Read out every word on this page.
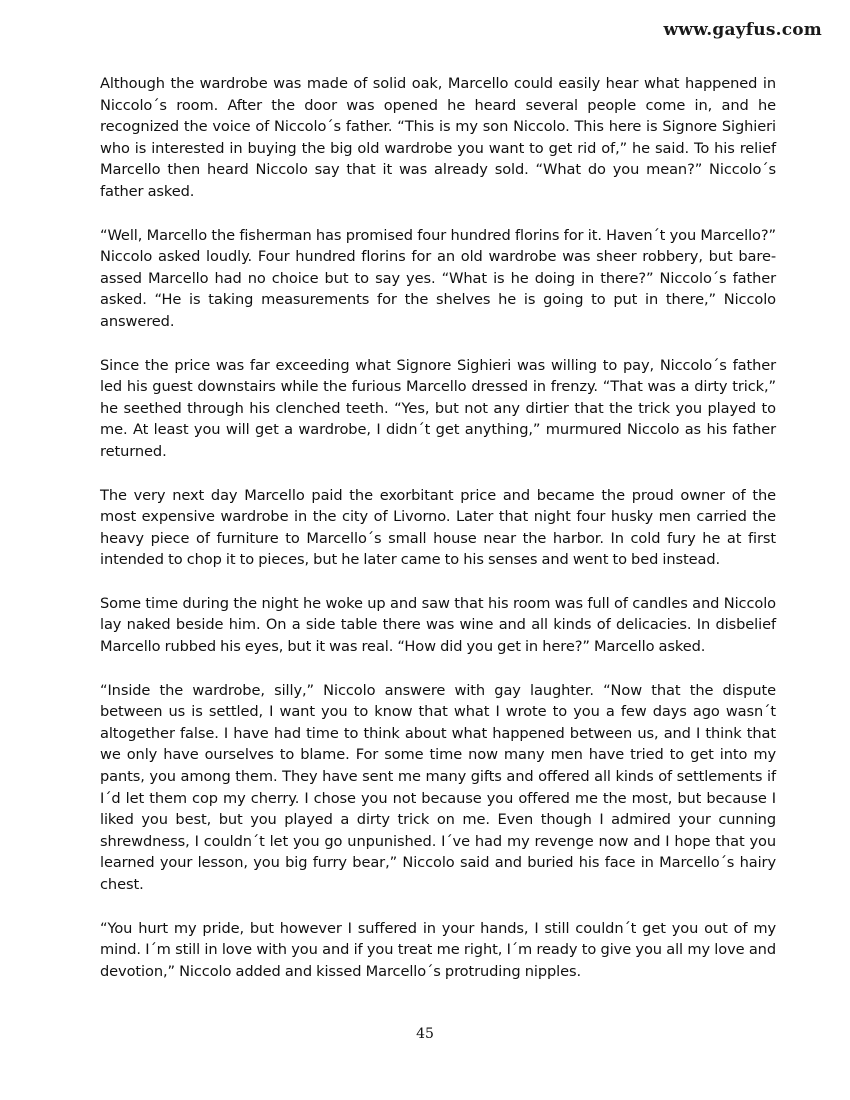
www.gayfus.com

Although the wardrobe was made of solid oak, Marcello could easily hear what happened in Niccolo´s room. After the door was opened he heard several people come in, and he recognized the voice of Niccolo´s father. “This is my son Niccolo. This here is Signore Sighieri who is interested in buying the big old wardrobe you want to get rid of,” he said. To his relief Marcello then heard Niccolo say that it was already sold. “What do you mean?” Niccolo´s father asked.

“Well, Marcello the fisherman has promised four hundred florins for it. Haven´t you Marcello?” Niccolo asked loudly. Four hundred florins for an old wardrobe was sheer robbery, but bare-assed Marcello had no choice but to say yes. “What is he doing in there?” Niccolo´s father asked. “He is taking measurements for the shelves he is going to put in there,” Niccolo answered.

Since the price was far exceeding what Signore Sighieri was willing to pay, Niccolo´s father led his guest downstairs while the furious Marcello dressed in frenzy. “That was a dirty trick,” he seethed through his clenched teeth. “Yes, but not any dirtier that the trick you played to me. At least you will get a wardrobe, I didn´t get anything,” murmured Niccolo as his father returned.

The very next day Marcello paid the exorbitant price and became the proud owner of the most expensive wardrobe in the city of Livorno. Later that night four husky men carried the heavy piece of furniture to Marcello´s small house near the harbor. In cold fury he at first intended to chop it to pieces, but he later came to his senses and went to bed instead.

Some time during the night he woke up and saw that his room was full of candles and Niccolo lay naked beside him. On a side table there was wine and all kinds of delicacies. In disbelief Marcello rubbed his eyes, but it was real. “How did you get in here?” Marcello asked.

“Inside the wardrobe, silly,” Niccolo answere with gay laughter. “Now that the dispute between us is settled, I want you to know that what I wrote to you a few days ago wasn´t altogether false. I have had time to think about what happened between us, and I think that we only have ourselves to blame. For some time now many men have tried to get into my pants, you among them. They have sent me many gifts and offered all kinds of settlements if I´d let them cop my cherry. I chose you not because you offered me the most, but because I liked you best, but you played a dirty trick on me. Even though I admired your cunning shrewdness, I couldn´t let you go unpunished. I´ve had my revenge now and I hope that you learned your lesson, you big furry bear,” Niccolo said and buried his face in Marcello´s hairy chest.

“You hurt my pride, but however I suffered in your hands, I still couldn´t get you out of my mind. I´m still in love with you and if you treat me right, I´m ready to give you all my love and devotion,” Niccolo added and kissed Marcello´s protruding nipples.

45
